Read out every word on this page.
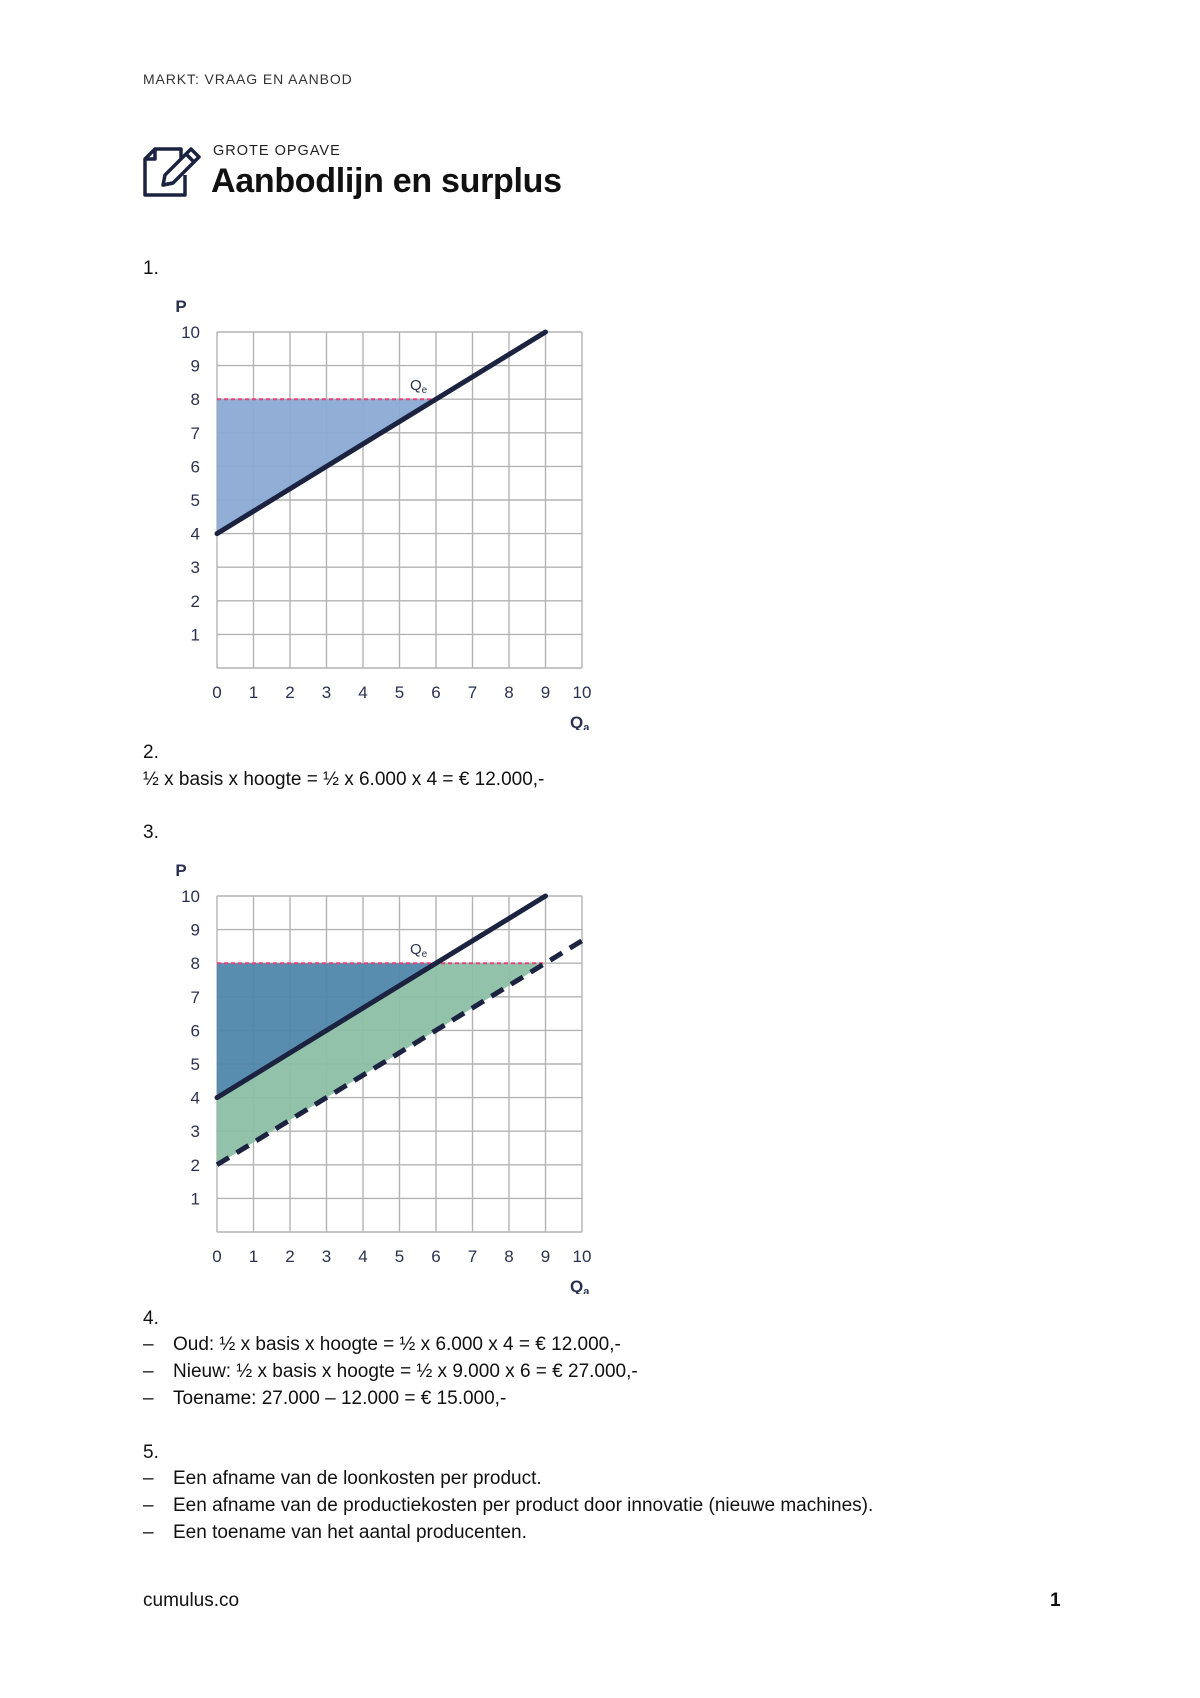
MARKT: VRAAG EN AANBOD
GROTE OPGAVE
Aanbodlijn en surplus
1.
$Q_e$
1
2
3
4
5
6
7
8
9
10
0 1 2 3 4 5 6 7 8 9 10
P
Qa
2.
½ x basis x hoogte = ½ x 6.000 x 4 = € 12.000,-
3.
$Q_e$
1
2
3
4
5
6
7
8
9
10
0 1 2 3 4 5 6 7 8 9 10
P
Qa
4.
– Oud: ½ x basis x hoogte = ½ x 6.000 x 4 = € 12.000,-
– Nieuw: ½ x basis x hoogte = ½ x 9.000 x 6 = € 27.000,-
– Toename: 27.000 – 12.000 = € 15.000,-
5.
– Een afname van de loonkosten per product.
– Een afname van de productiekosten per product door innovatie (nieuwe machines).
– Een toename van het aantal producenten.
cumulus.co	1
